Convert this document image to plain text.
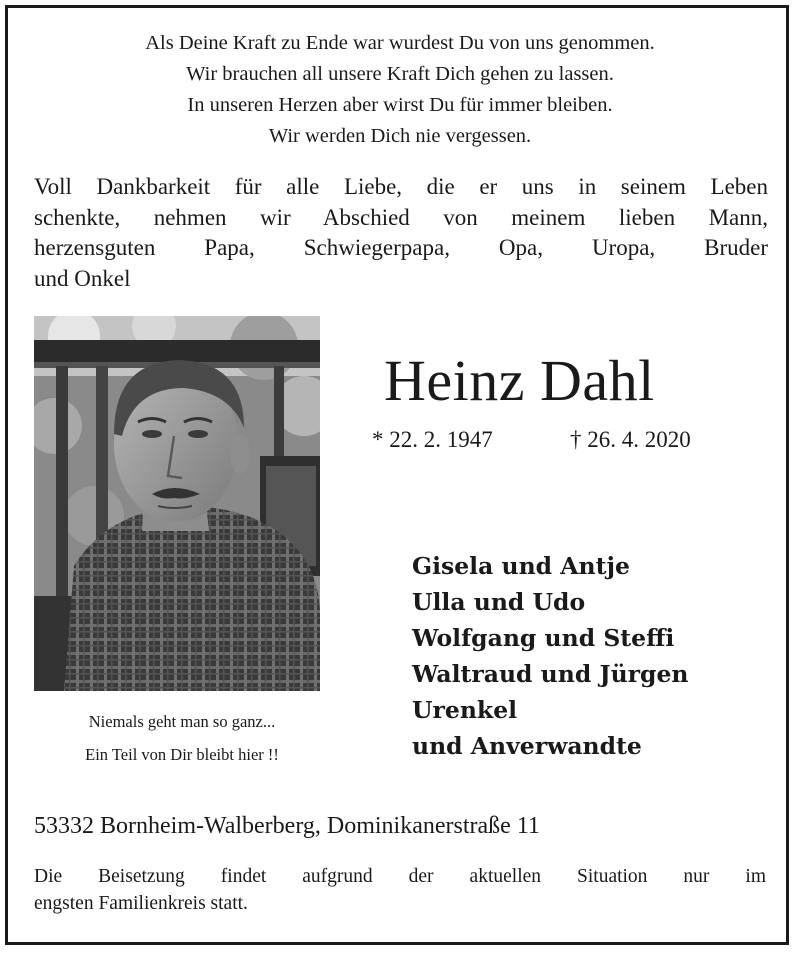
Als Deine Kraft zu Ende war wurdest Du von uns genommen.
Wir brauchen all unsere Kraft Dich gehen zu lassen.
In unseren Herzen aber wirst Du für immer bleiben.
Wir werden Dich nie vergessen.
Voll Dankbarkeit für alle Liebe, die er uns in seinem Leben
schenkte, nehmen wir Abschied von meinem lieben Mann,
herzensguten Papa, Schwiegerpapa, Opa, Uropa, Bruder
und Onkel
Niemals geht man so ganz...
Ein Teil von Dir bleibt hier !!
Heinz Dahl
* 22. 2. 1947	† 26. 4. 2020
Gisela und Antje
Ulla und Udo
Wolfgang und Steffi
Waltraud und Jürgen
Urenkel
und Anverwandte
53332 Bornheim-Walberberg, Dominikanerstraße 11
Die Beisetzung findet aufgrund der aktuellen Situation nur im
engsten Familienkreis statt.
